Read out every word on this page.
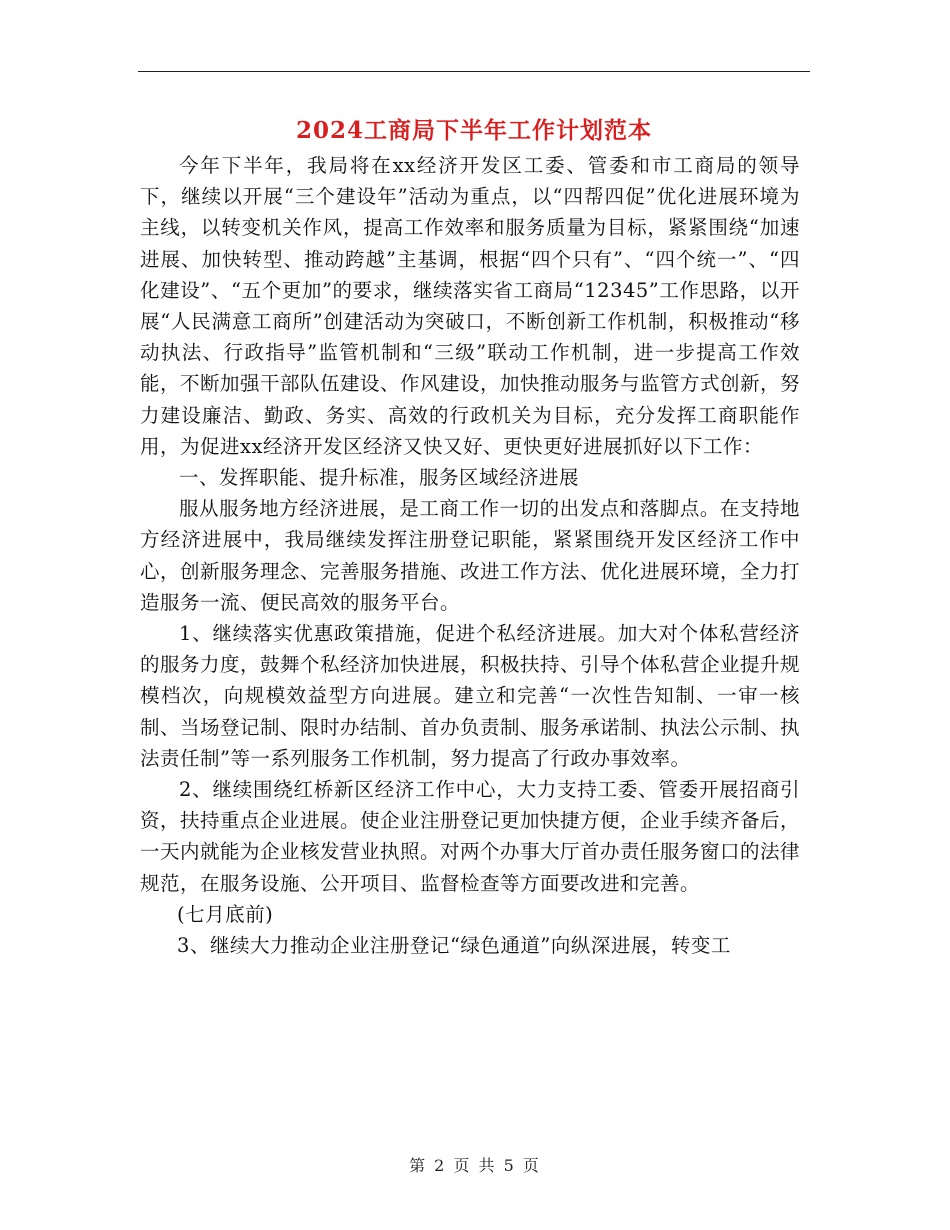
2024工商局下半年工作计划范本

今年下半年，我局将在xx经济开发区工委、管委和市工商局的领导下，继续以开展“三个建设年”活动为重点，以“四帮四促”优化进展环境为主线，以转变机关作风，提高工作效率和服务质量为目标，紧紧围绕“加速进展、加快转型、推动跨越”主基调，根据“四个只有”、“四个统一”、“四化建设”、“五个更加”的要求，继续落实省工商局“12345”工作思路，以开展“人民满意工商所”创建活动为突破口，不断创新工作机制，积极推动“移动执法、行政指导”监管机制和“三级”联动工作机制，进一步提高工作效能，不断加强干部队伍建设、作风建设，加快推动服务与监管方式创新，努力建设廉洁、勤政、务实、高效的行政机关为目标，充分发挥工商职能作用，为促进xx经济开发区经济又快又好、更快更好进展抓好以下工作：

一、发挥职能、提升标准，服务区域经济进展

服从服务地方经济进展，是工商工作一切的出发点和落脚点。在支持地方经济进展中，我局继续发挥注册登记职能，紧紧围绕开发区经济工作中心，创新服务理念、完善服务措施、改进工作方法、优化进展环境，全力打造服务一流、便民高效的服务平台。

1、继续落实优惠政策措施，促进个私经济进展。加大对个体私营经济的服务力度，鼓舞个私经济加快进展，积极扶持、引导个体私营企业提升规模档次，向规模效益型方向进展。建立和完善“一次性告知制、一审一核制、当场登记制、限时办结制、首办负责制、服务承诺制、执法公示制、执法责任制”等一系列服务工作机制，努力提高了行政办事效率。

2、继续围绕红桥新区经济工作中心，大力支持工委、管委开展招商引资，扶持重点企业进展。使企业注册登记更加快捷方便，企业手续齐备后，一天内就能为企业核发营业执照。对两个办事大厅首办责任服务窗口的法律规范，在服务设施、公开项目、监督检查等方面要改进和完善。

(七月底前)

3、继续大力推动企业注册登记“绿色通道”向纵深进展，转变工

第 2 页 共 5 页
